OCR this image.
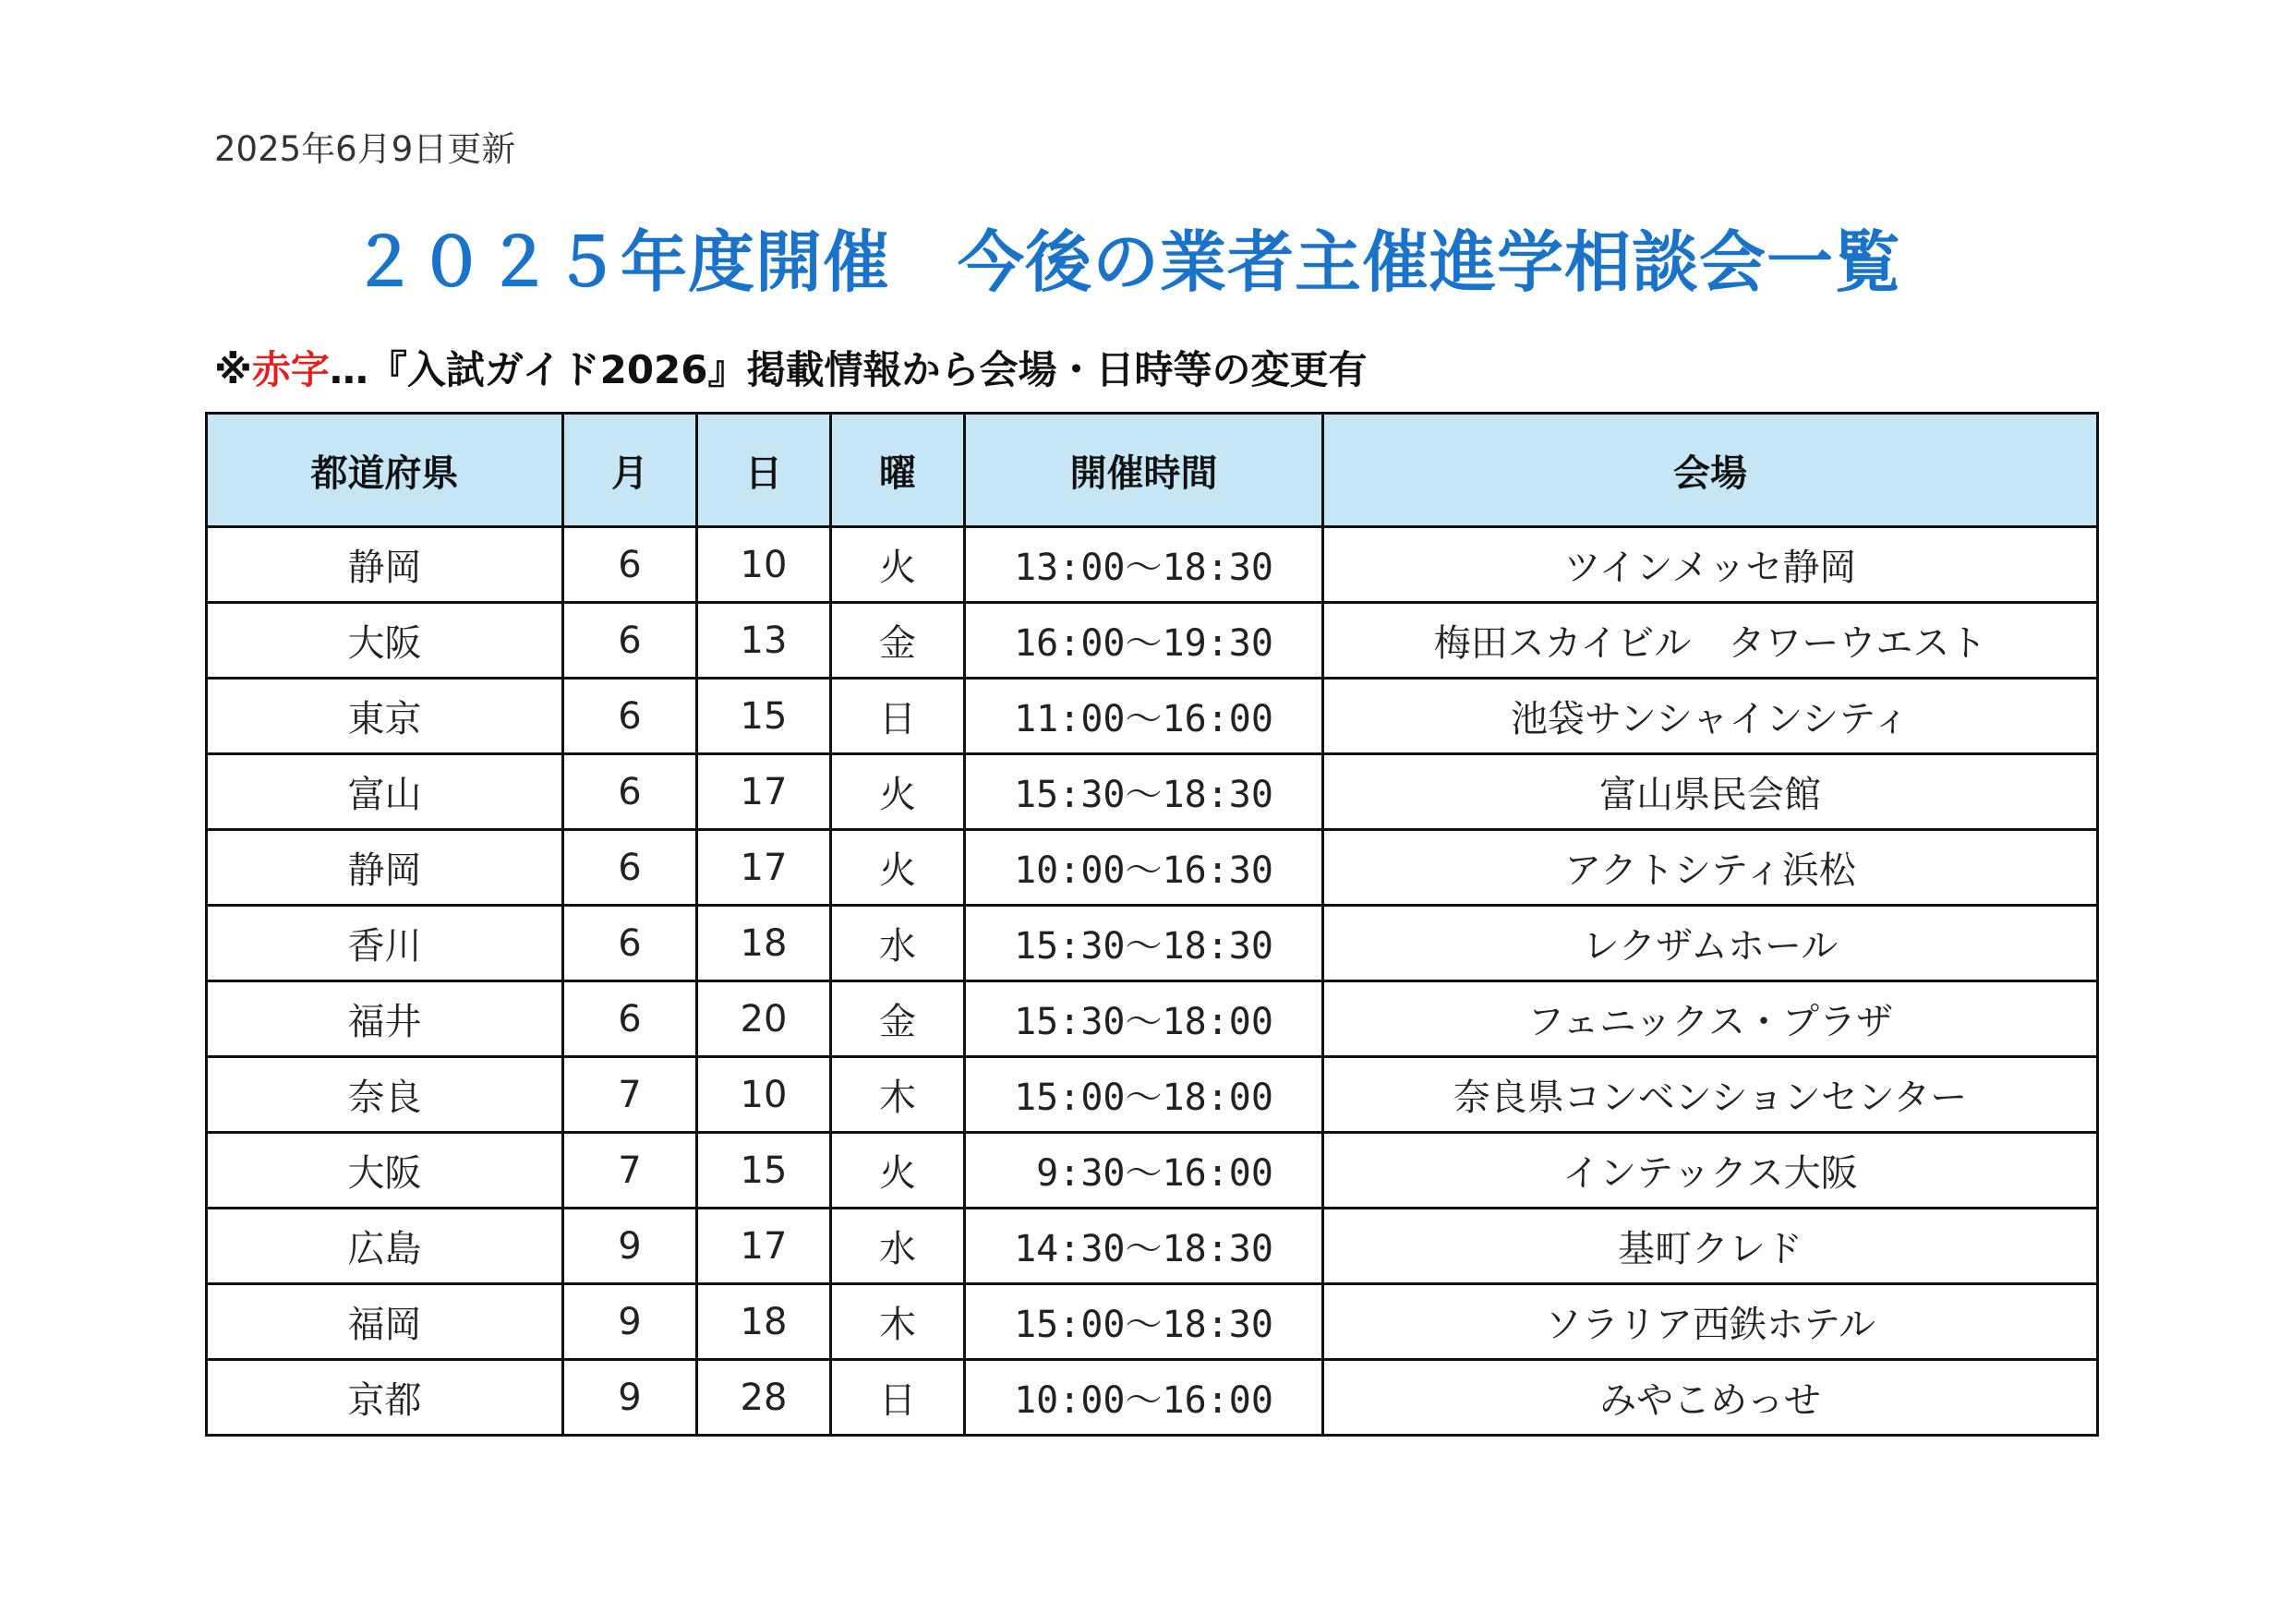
2025年6月9日更新
２０２５年度開催　今後の業者主催進学相談会一覧
※赤字…『入試ガイド2026』掲載情報から会場・日時等の変更有
都道府県	月	日	曜	開催時間	会場
静岡	6	10	火	13:00～18:30	ツインメッセ静岡
大阪	6	13	金	16:00～19:30	梅田スカイビル　タワーウエスト
東京	6	15	日	11:00～16:00	池袋サンシャインシティ
富山	6	17	火	15:30～18:30	富山県民会館
静岡	6	17	火	10:00～16:30	アクトシティ浜松
香川	6	18	水	15:30～18:30	レクザムホール
福井	6	20	金	15:30～18:00	フェニックス・プラザ
奈良	7	10	木	15:00～18:00	奈良県コンベンションセンター
大阪	7	15	火	9:30～16:00	インテックス大阪
広島	9	17	水	14:30～18:30	基町クレド
福岡	9	18	木	15:00～18:30	ソラリア西鉄ホテル
京都	9	28	日	10:00～16:00	みやこめっせ
